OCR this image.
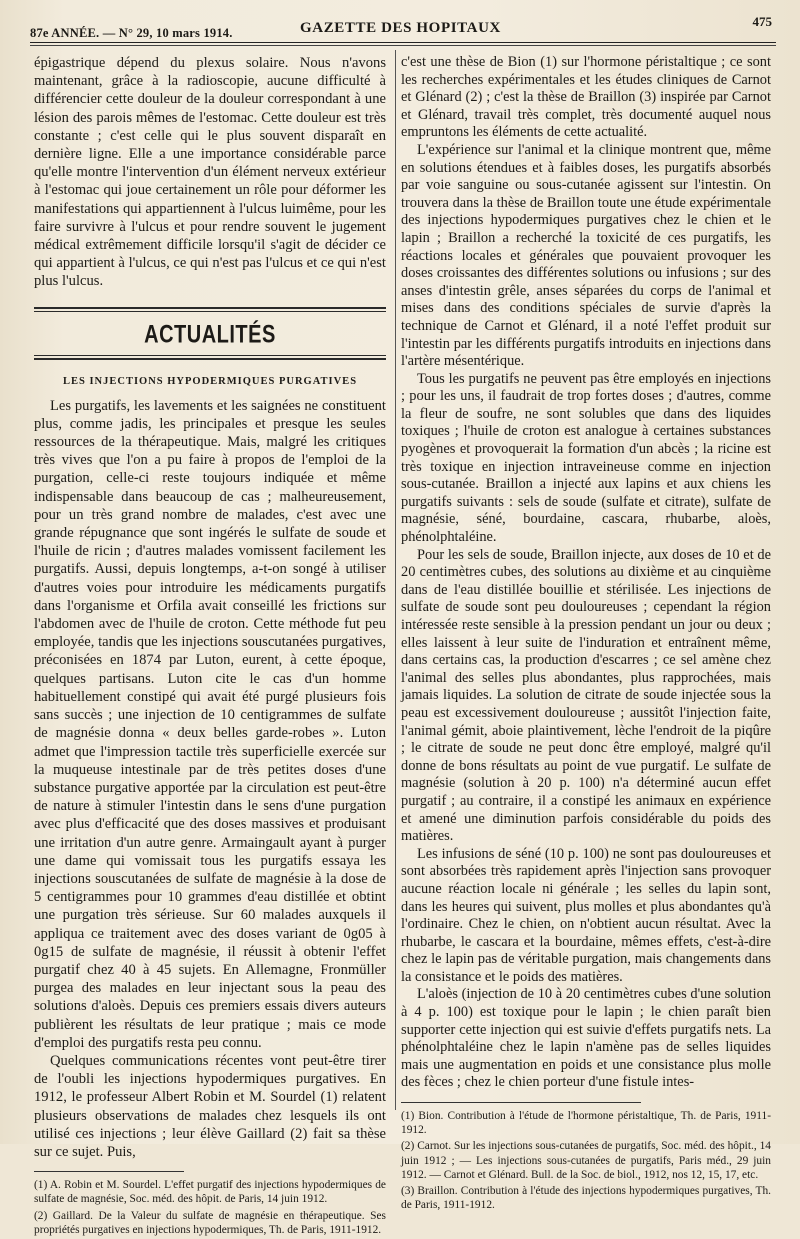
87e ANNÉE. — N° 29, 10 mars 1914.	GAZETTE DES HOPITAUX	475

épigastrique dépend du plexus solaire. Nous n'avons maintenant, grâce à la radioscopie, aucune difficulté à différencier cette douleur de la douleur correspondant à une lésion des parois mêmes de l'estomac. Cette douleur est très constante ; c'est celle qui le plus souvent disparaît en dernière ligne. Elle a une importance considérable parce qu'elle montre l'intervention d'un élément nerveux extérieur à l'estomac qui joue certainement un rôle pour déformer les manifestations qui appartiennent à l'ulcus luimême, pour les faire survivre à l'ulcus et pour rendre souvent le jugement médical extrêmement difficile lorsqu'il s'agit de décider ce qui appartient à l'ulcus, ce qui n'est pas l'ulcus et ce qui n'est plus l'ulcus.

ACTUALITÉS
LES INJECTIONS HYPODERMIQUES PURGATIVES

Les purgatifs, les lavements et les saignées ne constituent plus, comme jadis, les principales et presque les seules ressources de la thérapeutique. Mais, malgré les critiques très vives que l'on a pu faire à propos de l'emploi de la purgation, celle-ci reste toujours indiquée et même indispensable dans beaucoup de cas ; malheureusement, pour un très grand nombre de malades, c'est avec une grande répugnance que sont ingérés le sulfate de soude et l'huile de ricin ; d'autres malades vomissent facilement les purgatifs. Aussi, depuis longtemps, a-t-on songé à utiliser d'autres voies pour introduire les médicaments purgatifs dans l'organisme et Orfila avait conseillé les frictions sur l'abdomen avec de l'huile de croton. Cette méthode fut peu employée, tandis que les injections souscutanées purgatives, préconisées en 1874 par Luton, eurent, à cette époque, quelques partisans. Luton cite le cas d'un homme habituellement constipé qui avait été purgé plusieurs fois sans succès ; une injection de 10 centigrammes de sulfate de magnésie donna « deux belles garde-robes ». Luton admet que l'impression tactile très superficielle exercée sur la muqueuse intestinale par de très petites doses d'une substance purgative apportée par la circulation est peut-être de nature à stimuler l'intestin dans le sens d'une purgation avec plus d'efficacité que des doses massives et produisant une irritation d'un autre genre. Armaingault ayant à purger une dame qui vomissait tous les purgatifs essaya les injections souscutanées de sulfate de magnésie à la dose de 5 centigrammes pour 10 grammes d'eau distillée et obtint une purgation très sérieuse. Sur 60 malades auxquels il appliqua ce traitement avec des doses variant de 0g05 à 0g15 de sulfate de magnésie, il réussit à obtenir l'effet purgatif chez 40 à 45 sujets. En Allemagne, Fronmüller purgea des malades en leur injectant sous la peau des solutions d'aloès. Depuis ces premiers essais divers auteurs publièrent les résultats de leur pratique ; mais ce mode d'emploi des purgatifs resta peu connu.

Quelques communications récentes vont peut-être tirer de l'oubli les injections hypodermiques purgatives. En 1912, le professeur Albert Robin et M. Sourdel (1) relatent plusieurs observations de malades chez lesquels ils ont utilisé ces injections ; leur élève Gaillard (2) fait sa thèse sur ce sujet. Puis,

(1) A. Robin et M. Sourdel. L'effet purgatif des injections hypodermiques de sulfate de magnésie, Soc. méd. des hôpit. de Paris, 14 juin 1912.

(2) Gaillard. De la Valeur du sulfate de magnésie en thérapeutique. Ses propriétés purgatives en injections hypodermiques, Th. de Paris, 1911-1912.

c'est une thèse de Bion (1) sur l'hormone péristaltique ; ce sont les recherches expérimentales et les études cliniques de Carnot et Glénard (2) ; c'est la thèse de Braillon (3) inspirée par Carnot et Glénard, travail très complet, très documenté auquel nous empruntons les éléments de cette actualité.

L'expérience sur l'animal et la clinique montrent que, même en solutions étendues et à faibles doses, les purgatifs absorbés par voie sanguine ou sous-cutanée agissent sur l'intestin. On trouvera dans la thèse de Braillon toute une étude expérimentale des injections hypodermiques purgatives chez le chien et le lapin ; Braillon a recherché la toxicité de ces purgatifs, les réactions locales et générales que pouvaient provoquer les doses croissantes des différentes solutions ou infusions ; sur des anses d'intestin grêle, anses séparées du corps de l'animal et mises dans des conditions spéciales de survie d'après la technique de Carnot et Glénard, il a noté l'effet produit sur l'intestin par les différents purgatifs introduits en injections dans l'artère mésentérique.

Tous les purgatifs ne peuvent pas être employés en injections ; pour les uns, il faudrait de trop fortes doses ; d'autres, comme la fleur de soufre, ne sont solubles que dans des liquides toxiques ; l'huile de croton est analogue à certaines substances pyogènes et provoquerait la formation d'un abcès ; la ricine est très toxique en injection intraveineuse comme en injection sous-cutanée. Braillon a injecté aux lapins et aux chiens les purgatifs suivants : sels de soude (sulfate et citrate), sulfate de magnésie, séné, bourdaine, cascara, rhubarbe, aloès, phénolphtaléine.

Pour les sels de soude, Braillon injecte, aux doses de 10 et de 20 centimètres cubes, des solutions au dixième et au cinquième dans de l'eau distillée bouillie et stérilisée. Les injections de sulfate de soude sont peu douloureuses ; cependant la région intéressée reste sensible à la pression pendant un jour ou deux ; elles laissent à leur suite de l'induration et entraînent même, dans certains cas, la production d'escarres ; ce sel amène chez l'animal des selles plus abondantes, plus rapprochées, mais jamais liquides. La solution de citrate de soude injectée sous la peau est excessivement douloureuse ; aussitôt l'injection faite, l'animal gémit, aboie plaintivement, lèche l'endroit de la piqûre ; le citrate de soude ne peut donc être employé, malgré qu'il donne de bons résultats au point de vue purgatif. Le sulfate de magnésie (solution à 20 p. 100) n'a déterminé aucun effet purgatif ; au contraire, il a constipé les animaux en expérience et amené une diminution parfois considérable du poids des matières.

Les infusions de séné (10 p. 100) ne sont pas douloureuses et sont absorbées très rapidement après l'injection sans provoquer aucune réaction locale ni générale ; les selles du lapin sont, dans les heures qui suivent, plus molles et plus abondantes qu'à l'ordinaire. Chez le chien, on n'obtient aucun résultat. Avec la rhubarbe, le cascara et la bourdaine, mêmes effets, c'est-à-dire chez le lapin pas de véritable purgation, mais changements dans la consistance et le poids des matières.

L'aloès (injection de 10 à 20 centimètres cubes d'une solution à 4 p. 100) est toxique pour le lapin ; le chien paraît bien supporter cette injection qui est suivie d'effets purgatifs nets. La phénolphtaléine chez le lapin n'amène pas de selles liquides mais une augmentation en poids et une consistance plus molle des fèces ; chez le chien porteur d'une fistule intes-

(1) Bion. Contribution à l'étude de l'hormone péristaltique, Th. de Paris, 1911-1912.

(2) Carnot. Sur les injections sous-cutanées de purgatifs, Soc. méd. des hôpit., 14 juin 1912 ; — Les injections sous-cutanées de purgatifs, Paris méd., 29 juin 1912. — Carnot et Glénard. Bull. de la Soc. de biol., 1912, nos 12, 15, 17, etc.

(3) Braillon. Contribution à l'étude des injections hypodermiques purgatives, Th. de Paris, 1911-1912.
